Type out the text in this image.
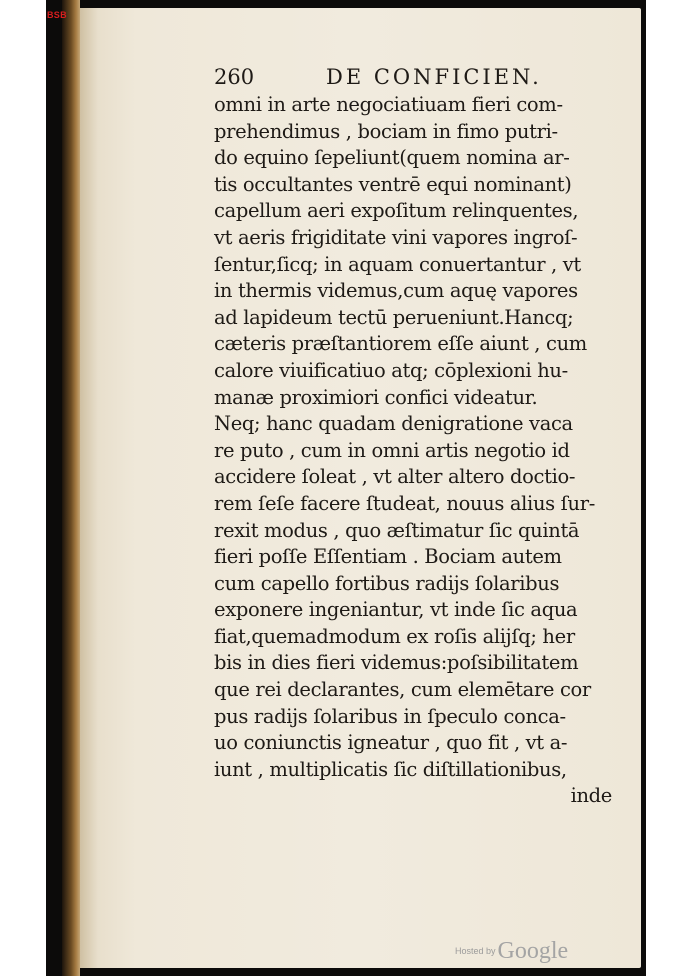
BSB
260	DE CONFICIEN.
omni in arte negociatiuam fieri com-
prehendimus , bociam in fimo putri-
do equino ſepeliunt(quem nomina ar-
tis occultantes ventrē equi nominant)
capellum aeri expoſitum relinquentes,
vt aeris frigiditate vini vapores ingroſ-
ſentur,ſicq; in aquam conuertantur , vt
in thermis videmus,cum aquę vapores
ad lapideum tectū perueniunt.Hancq;
cæteris præſtantiorem eſſe aiunt , cum
calore viuificatiuo atq; cōplexioni hu-
manæ proximiori confici videatur.
Neq; hanc quadam denigratione vaca
re puto , cum in omni artis negotio id
accidere ſoleat , vt alter altero doctio-
rem ſeſe facere ſtudeat, nouus alius ſur-
rexit modus , quo æſtimatur ſic quintā
fieri poſſe Eſſentiam . Bociam autem
cum capello fortibus radijs ſolaribus
exponere ingeniantur, vt inde ſic aqua
fiat,quemadmodum ex roſis alijſq; her
bis in dies fieri videmus:poſsibilitatem
que rei declarantes, cum elemētare cor
pus radijs ſolaribus in ſpeculo conca-
uo coniunctis igneatur , quo fit , vt a-
iunt , multiplicatis ſic diſtillationibus,
inde
$^{Hosted by}$Google
